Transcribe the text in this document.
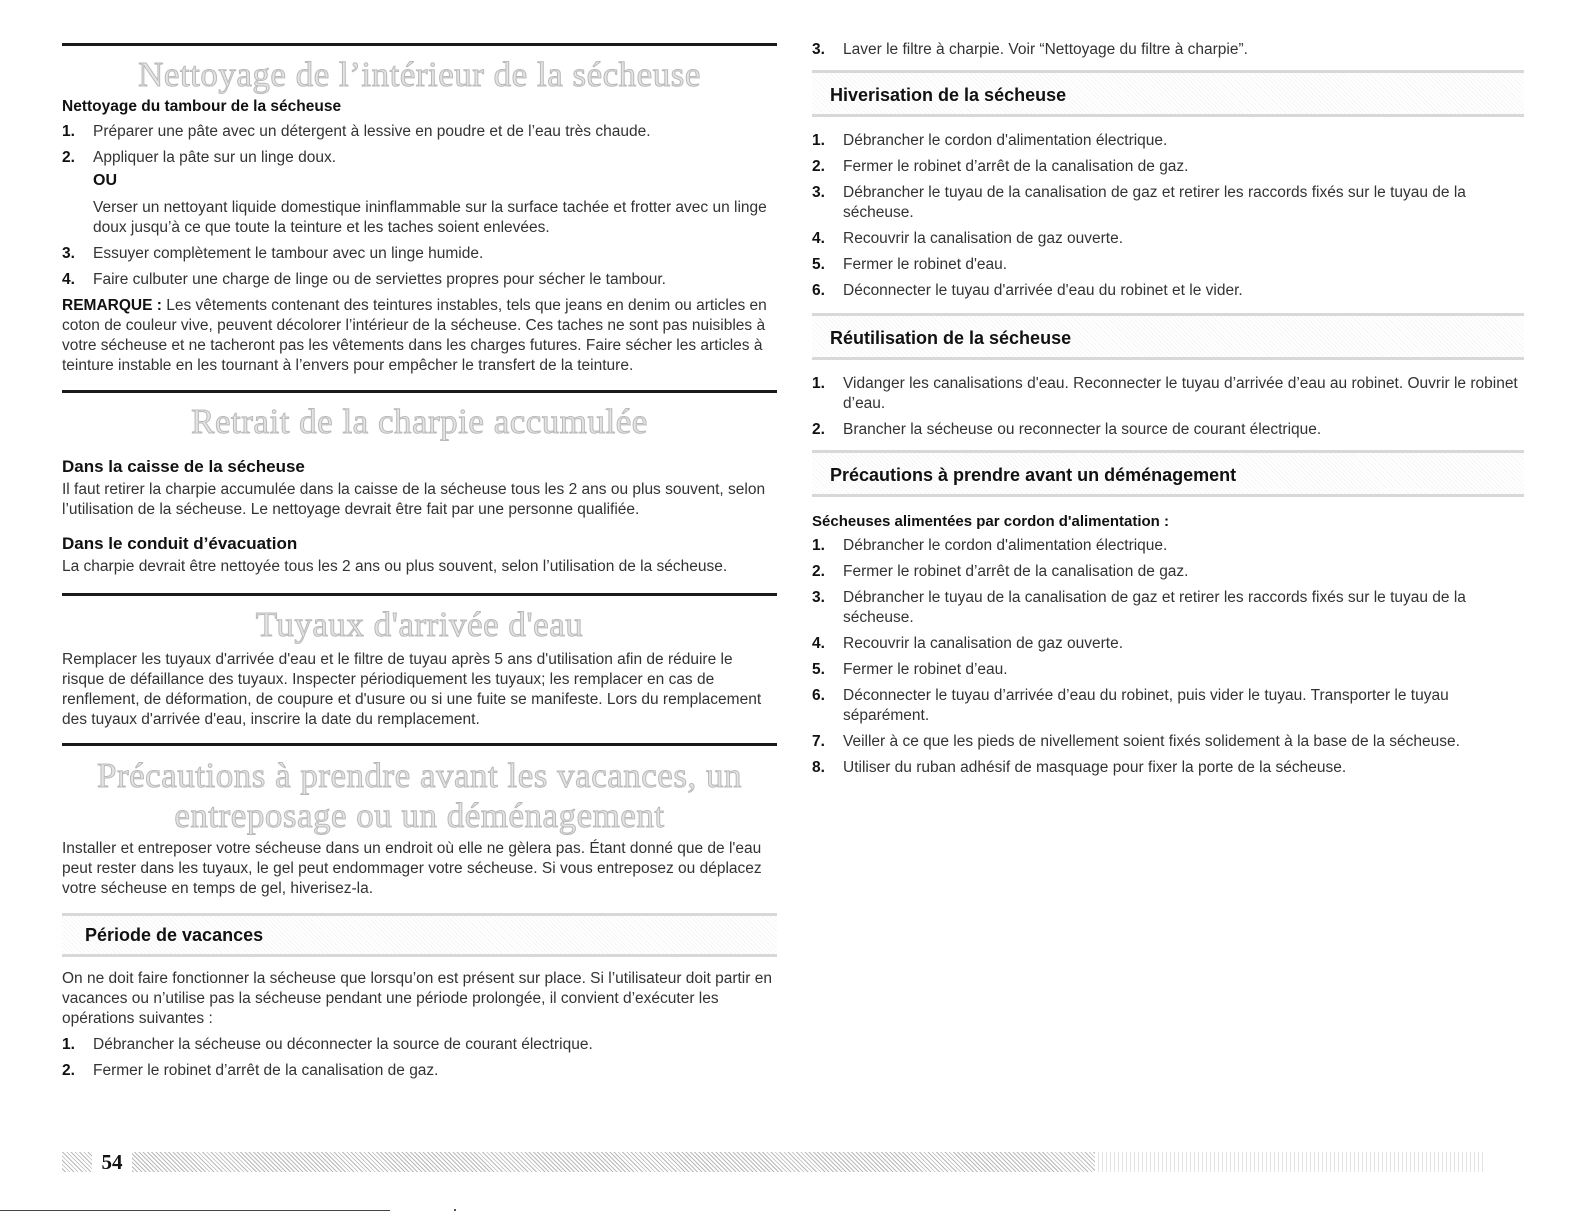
Nettoyage de l’intérieur de la sécheuse
Nettoyage du tambour de la sécheuse
1. Préparer une pâte avec un détergent à lessive en poudre et de l’eau très chaude.
2. Appliquer la pâte sur un linge doux.
OU
Verser un nettoyant liquide domestique ininflammable sur la surface tachée et frotter avec un linge doux jusqu’à ce que toute la teinture et les taches soient enlevées.
3. Essuyer complètement le tambour avec un linge humide.
4. Faire culbuter une charge de linge ou de serviettes propres pour sécher le tambour.
REMARQUE : Les vêtements contenant des teintures instables, tels que jeans en denim ou articles en coton de couleur vive, peuvent décolorer l’intérieur de la sécheuse. Ces taches ne sont pas nuisibles à votre sécheuse et ne tacheront pas les vêtements dans les charges futures. Faire sécher les articles à teinture instable en les tournant à l’envers pour empêcher le transfert de la teinture.
Retrait de la charpie accumulée
Dans la caisse de la sécheuse
Il faut retirer la charpie accumulée dans la caisse de la sécheuse tous les 2 ans ou plus souvent, selon l’utilisation de la sécheuse. Le nettoyage devrait être fait par une personne qualifiée.
Dans le conduit d’évacuation
La charpie devrait être nettoyée tous les 2 ans ou plus souvent, selon l’utilisation de la sécheuse.
Tuyaux d'arrivée d'eau
Remplacer les tuyaux d'arrivée d'eau et le filtre de tuyau après 5 ans d'utilisation afin de réduire le risque de défaillance des tuyaux. Inspecter périodiquement les tuyaux; les remplacer en cas de renflement, de déformation, de coupure et d'usure ou si une fuite se manifeste. Lors du remplacement des tuyaux d'arrivée d'eau, inscrire la date du remplacement.
Précautions à prendre avant les vacances, un
entreposage ou un déménagement
Installer et entreposer votre sécheuse dans un endroit où elle ne gèlera pas. Étant donné que de l'eau peut rester dans les tuyaux, le gel peut endommager votre sécheuse. Si vous entreposez ou déplacez votre sécheuse en temps de gel, hiverisez-la.
Période de vacances
On ne doit faire fonctionner la sécheuse que lorsqu’on est présent sur place. Si l’utilisateur doit partir en vacances ou n’utilise pas la sécheuse pendant une période prolongée, il convient d’exécuter les opérations suivantes :
1. Débrancher la sécheuse ou déconnecter la source de courant électrique.
2. Fermer le robinet d’arrêt de la canalisation de gaz.
3. Laver le filtre à charpie. Voir “Nettoyage du filtre à charpie”.
Hiverisation de la sécheuse
1. Débrancher le cordon d'alimentation électrique.
2. Fermer le robinet d’arrêt de la canalisation de gaz.
3. Débrancher le tuyau de la canalisation de gaz et retirer les raccords fixés sur le tuyau de la sécheuse.
4. Recouvrir la canalisation de gaz ouverte.
5. Fermer le robinet d'eau.
6. Déconnecter le tuyau d'arrivée d'eau du robinet et le vider.
Réutilisation de la sécheuse
1. Vidanger les canalisations d'eau. Reconnecter le tuyau d’arrivée d’eau au robinet. Ouvrir le robinet d’eau.
2. Brancher la sécheuse ou reconnecter la source de courant électrique.
Précautions à prendre avant un déménagement
Sécheuses alimentées par cordon d'alimentation :
1. Débrancher le cordon d'alimentation électrique.
2. Fermer le robinet d’arrêt de la canalisation de gaz.
3. Débrancher le tuyau de la canalisation de gaz et retirer les raccords fixés sur le tuyau de la sécheuse.
4. Recouvrir la canalisation de gaz ouverte.
5. Fermer le robinet d’eau.
6. Déconnecter le tuyau d’arrivée d’eau du robinet, puis vider le tuyau. Transporter le tuyau séparément.
7. Veiller à ce que les pieds de nivellement soient fixés solidement à la base de la sécheuse.
8. Utiliser du ruban adhésif de masquage pour fixer la porte de la sécheuse.
54
